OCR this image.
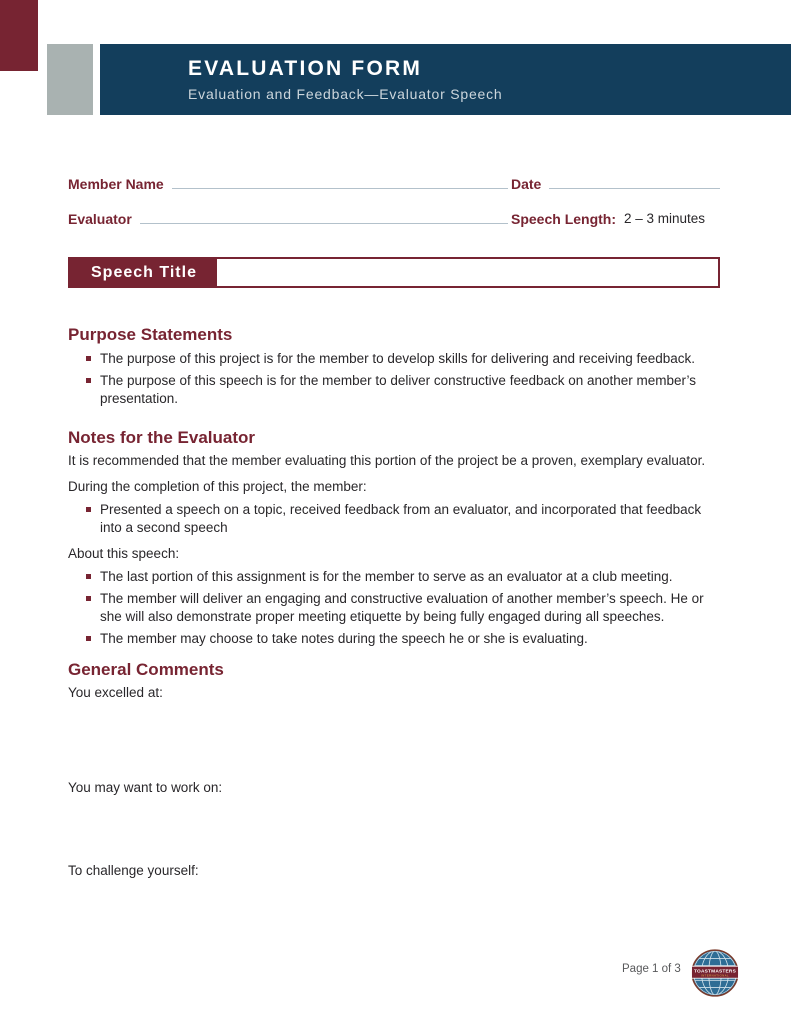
EVALUATION FORM
Evaluation and Feedback—Evaluator Speech
Member Name	Date
Evaluator	Speech Length: 2 – 3 minutes
Speech Title
Purpose Statements
The purpose of this project is for the member to develop skills for delivering and receiving feedback.
The purpose of this speech is for the member to deliver constructive feedback on another member’s presentation.
Notes for the Evaluator

It is recommended that the member evaluating this portion of the project be a proven, exemplary evaluator.

During the completion of this project, the member:

Presented a speech on a topic, received feedback from an evaluator, and incorporated that feedback into a second speech

About this speech:

The last portion of this assignment is for the member to serve as an evaluator at a club meeting.
The member will deliver an engaging and constructive evaluation of another member’s speech. He or she will also demonstrate proper meeting etiquette by being fully engaged during all speeches.
The member may choose to take notes during the speech he or she is evaluating.
General Comments

You excelled at:

You may want to work on:

To challenge yourself:

Page 1 of 3	TOASTMASTERS
INTERNATIONAL
